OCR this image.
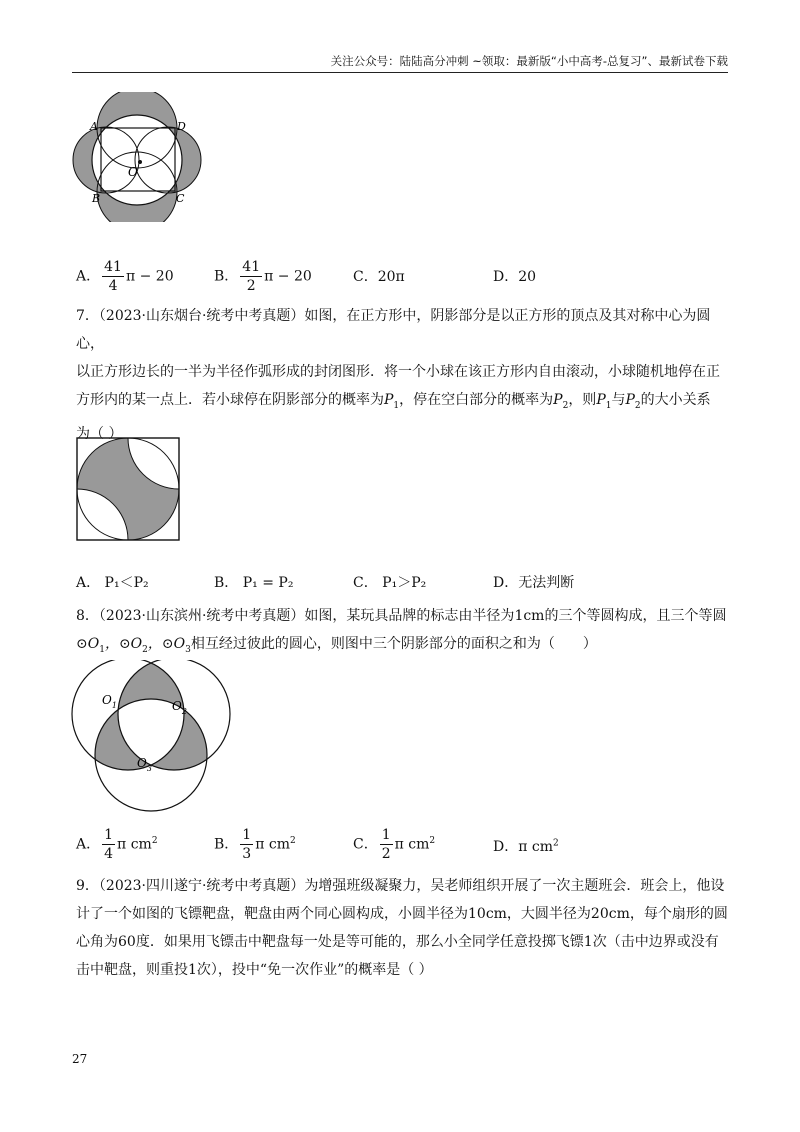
关注公众号：陆陆高分冲刺 ~领取：最新版“小中高考-总复习”、最新试卷下载
A	D
B	C
O
A． $\frac{41}{4}$ π − 20	B． $\frac{41}{2}$ π − 20	C．20π	D．20

7．（2023·山东烟台·统考中考真题）如图，在正方形中，阴影部分是以正方形的顶点及其对称中心为圆心，

以正方形边长的一半为半径作弧形成的封闭图形．将一个小球在该正方形内自由滚动，小球随机地停在正

方形内的某一点上．若小球停在阴影部分的概率为$P_1$，停在空白部分的概率为$P_2$，则$P_1$与$P_2$的大小关系

为（ ）

A． P₁＜P₂	B． P₁ = P₂	C． P₁＞P₂	D．无法判断

8．（2023·山东滨州·统考中考真题）如图，某玩具品牌的标志由半径为1cm的三个等圆构成，且三个等圆

$⊙O_1$，$⊙O_2$，$⊙O_3$相互经过彼此的圆心，则图中三个阴影部分的面积之和为（　　）

$O_1$	$O_2$
$O_3$
A． $\frac{1}{4}$ π $cm^2$	B． $\frac{1}{3}$ π $cm^2$	C． $\frac{1}{2}$ π $cm^2$	D．π $cm^2$

9．（2023·四川遂宁·统考中考真题）为增强班级凝聚力，吴老师组织开展了一次主题班会．班会上，他设

计了一个如图的飞镖靶盘，靶盘由两个同心圆构成，小圆半径为10cm，大圆半径为20cm，每个扇形的圆

心角为60度．如果用飞镖击中靶盘每一处是等可能的，那么小全同学任意投掷飞镖1次（击中边界或没有

击中靶盘，则重投1次），投中“免一次作业”的概率是（ ）

27
